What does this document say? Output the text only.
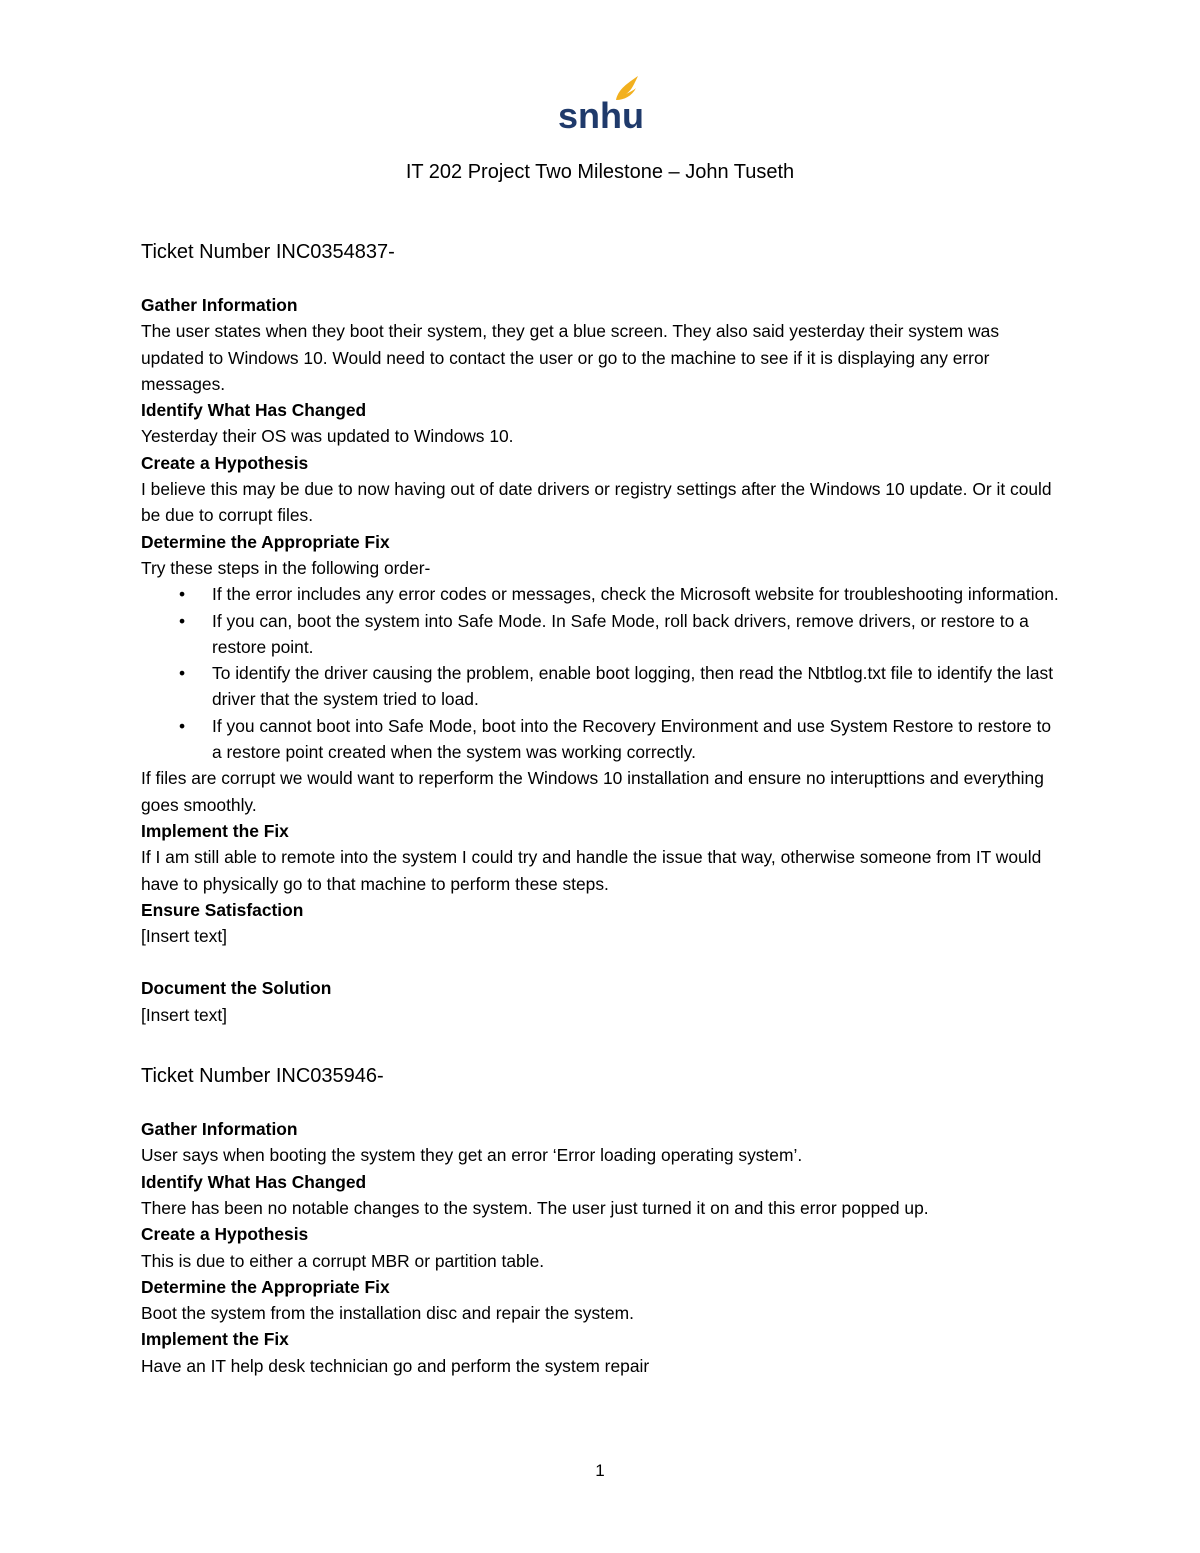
snhu
IT 202 Project Two Milestone – John Tuseth
Ticket Number INC0354837-

Gather Information

The user states when they boot their system, they get a blue screen. They also said yesterday their system was updated to Windows 10. Would need to contact the user or go to the machine to see if it is displaying any error messages.

Identify What Has Changed

Yesterday their OS was updated to Windows 10.

Create a Hypothesis

I believe this may be due to now having out of date drivers or registry settings after the Windows 10 update. Or it could be due to corrupt files.

Determine the Appropriate Fix

Try these steps in the following order-

• If the error includes any error codes or messages, check the Microsoft website for troubleshooting information.
• If you can, boot the system into Safe Mode. In Safe Mode, roll back drivers, remove drivers, or restore to a restore point.
• To identify the driver causing the problem, enable boot logging, then read the Ntbtlog.txt file to identify the last driver that the system tried to load.
• If you cannot boot into Safe Mode, boot into the Recovery Environment and use System Restore to restore to a restore point created when the system was working correctly.

If files are corrupt we would want to reperform the Windows 10 installation and ensure no interupttions and everything goes smoothly.

Implement the Fix

If I am still able to remote into the system I could try and handle the issue that way, otherwise someone from IT would have to physically go to that machine to perform these steps.

Ensure Satisfaction

[Insert text]

Document the Solution

[Insert text]

Ticket Number INC035946-

Gather Information

User says when booting the system they get an error ‘Error loading operating system’.

Identify What Has Changed

There has been no notable changes to the system. The user just turned it on and this error popped up.

Create a Hypothesis

This is due to either a corrupt MBR or partition table.

Determine the Appropriate Fix

Boot the system from the installation disc and repair the system.

Implement the Fix

Have an IT help desk technician go and perform the system repair

1
